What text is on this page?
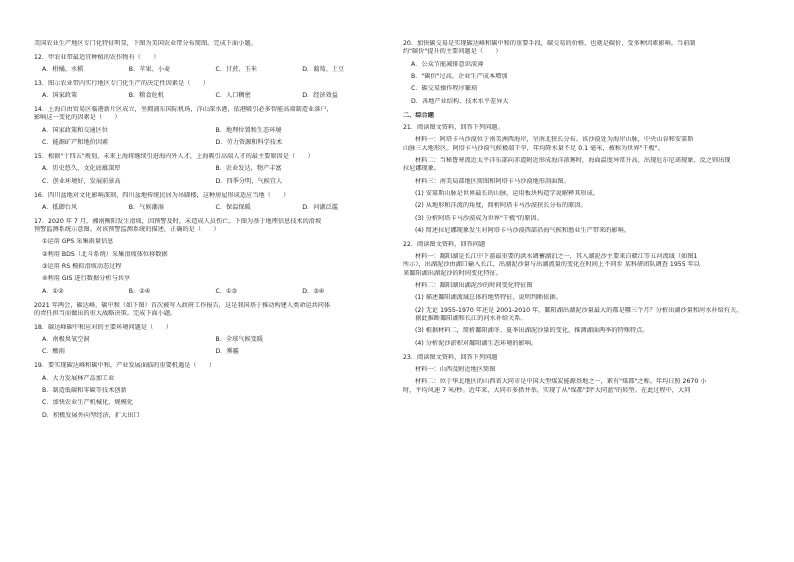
美国农业生产地区专门化特征明显，下图为美国农业带分布简图。完成下面小题。
12．甲农业带最适宜种植的农作物有（　　）
A．柑橘、水稻	B．苹果、小麦	C．甘蔗、玉米	D．葡萄、土豆
13．图示农业带内实行地区专门化生产的决定性因素是（　　）
A．国家政策	B．粮食危机	C．人口稠密	D．经济效益
14．上海自由贸易区临港新片区成立，坐拥浦东国际机场，洋山深水港，依港吸引必多智能高端制造业落户，
影响这一变化的因素是（　　）
A．国家政策和交通区位	B．地理位置和生态环境
C．能源矿产和地价因素	D．劳力资源和科学技术
15．根据"十四五"规划，未来上海将继续引进海内外人才，上海吸引高端人才的最主要原因是（　　）
A．历史悠久，文化底蕴深厚	B．农业发达，物产丰富
C．创业环境好，发展前景高	D．四季分明，气候宜人
16．四川盆地对文化影响深刻，四川盆地传统民居为吊脚楼，这种房屋形成适应当地（　　）
A．抵御台风	B．气候潮湿	C．保温保暖	D．河湖泛滥
17．2020 年 7 月，湘南衡阳发生滑坡，因预警及时，未造成人员伤亡。下图为基于地理信息技术的滑坡
预警监测系统示意图。对该预警监测系统的描述，正确的是（　　）
①运用 GPS 采集雨量信息
②利用 BDS（北斗系统）采集滑坡体位移数据
③运用 RS 模拟滑坡动态过程
④利用 GIS 进行数据分析与共享
A．①②	B．②④	C．①③	D．③④
2021 年两会，碳达峰、碳中和（如下图）首次被写入政府工作报告，这是我国基于推动构建人类命运共同体
的责任担当而做出的重大战略决策。完成下面小题。
18．碳达峰碳中和应对的主要环境问题是（　　）
A．南极臭氧空洞	B．全球气候变暖
C．酸雨	D．雾霾
19．要实现碳达峰和碳中和，产业发展面临的重要机遇是（　　）
A．大力发展林产品加工业
B．制造低碳和零碳等技术创新
C．加快农业生产机械化、规模化
D．积极发展外向型经济，扩大出口
20．加快碳交易是实现碳达峰和碳中和的重要手段，碳交易的价格，也就是碳价，受多种因素影响。当前制
约"碳价"提升的主要问题是（　　）
A．公众节能减排意识淡薄
B．"碳价"过高，企业生产成本增加
C．碳交易操作程序繁琐
D．各地产业结构、技术水平差异大
二、综合题
21．阅读图文资料，回答下列问题。
材料一：阿塔卡马沙漠位于南美洲西海岸，呈南北狭长分布。该沙漠处为海岸山脉，中央山谷和安第斯
山脉三大地形区。阿塔卡马沙漠气候极端干旱，年均降水量不足 0.1 毫米，被称为世界"干极"。
材料二：当秘鲁寒流近太平洋东部向赤道附近形成海洋浓雾时，海面温度异常升高，出现厄尔尼诺现象，反之则出现
拉尼娜现象。
材料三：南美局部地区简图和阿塔卡马沙漠地形剖面图。
(1) 安第斯山脉是世界最长的山脉，运用板块构造学说解释其形成。
(2) 从地形和洋流的角度，简析阿塔卡马沙漠狭长分布的原因。
(3) 分析阿塔卡马沙漠成为世界"干极"的原因。
(4) 简述拉尼娜现象发生对阿塔卡马沙漠西部沿海气候和渔业生产带来的影响。
22．阅读图文资料，回答问题
材料一：鄱阳湖是长江中下游最重要的洪水调蓄湖泊之一，其入湖泥沙主要来自赣江等五河流域（如图1
所示），出湖泥沙由湖口输入长江，出湖泥沙量与出湖流量的变化在时间上不同步 某科研团队调查 1955 年以
来鄱阳湖出湖泥沙的时间变化特征。
材料二：鄱阳湖出湖泥沙的时间变化特征图
(1) 描述鄱阳湖流域总体的地势特征，说明判断依据。
(2) 无论 1955-1970 年还是 2001-2010 年，鄱阳湖出湖泥沙量最大的都是哪三个月？分析出湖沙量和河水补给有关，
　　据此推断鄱阳湖和长江的河水补给关系。
(3) 根据材料二，简析鄱阳湖冬、夏季出湖泥沙量的变化，推测湖面两季的特殊特点。
(4) 分析泥沙淤积对鄱阳湖生态环境的影响。
23．阅读图文资料，回答下列问题
材料一：山西及附近地区简图
材料二：位于华北地区的山西省大同市是中国大型煤炭能源基地之一，素有"煤都"之称。年均日照 2670 小
时，平均风速 7 米/秒。近年来，大同市多措并举，实现了从"煤都"到"大同蓝"的转型。在此过程中，大同
